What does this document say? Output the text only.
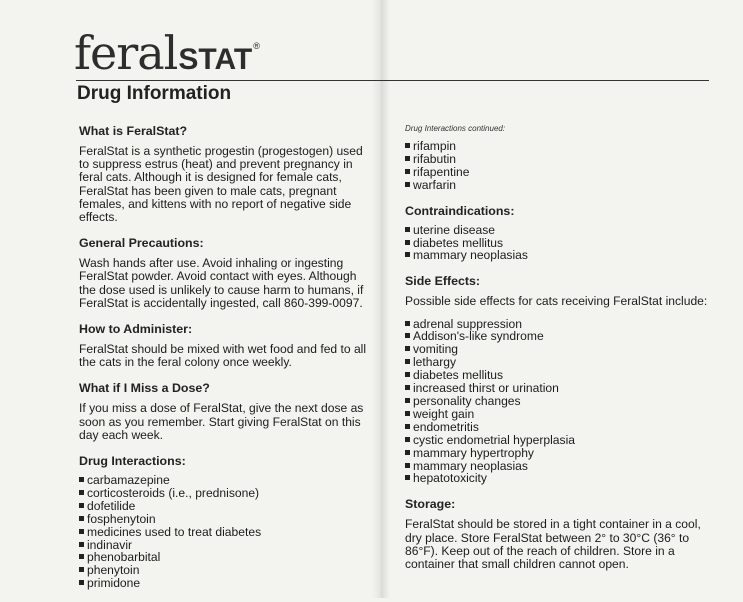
feral STAT ®
Drug Information
What is FeralStat?

FeralStat is a synthetic progestin (progestogen) used to suppress estrus (heat) and prevent pregnancy in feral cats. Although it is designed for female cats, FeralStat has been given to male cats, pregnant females, and kittens with no report of negative side effects.

General Precautions:

Wash hands after use. Avoid inhaling or ingesting FeralStat powder. Avoid contact with eyes. Although the dose used is unlikely to cause harm to humans, if FeralStat is accidentally ingested, call 860-399-0097.

How to Administer:

FeralStat should be mixed with wet food and fed to all the cats in the feral colony once weekly.

What if I Miss a Dose?

If you miss a dose of FeralStat, give the next dose as soon as you remember. Start giving FeralStat on this day each week.

Drug Interactions:
carbamazepine
corticosteroids (i.e., prednisone)
dofetilide
fosphenytoin
medicines used to treat diabetes
indinavir
phenobarbital
phenytoin
primidone
Drug Interactions continued:
rifampin
rifabutin
rifapentine
warfarin
Contraindications:
uterine disease
diabetes mellitus
mammary neoplasias
Side Effects:

Possible side effects for cats receiving FeralStat include:

adrenal suppression
Addison's-like syndrome
vomiting
lethargy
diabetes mellitus
increased thirst or urination
personality changes
weight gain
endometritis
cystic endometrial hyperplasia
mammary hypertrophy
mammary neoplasias
hepatotoxicity
Storage:

FeralStat should be stored in a tight container in a cool, dry place. Store FeralStat between 2° to 30°C (36° to 86°F). Keep out of the reach of children. Store in a container that small children cannot open.
